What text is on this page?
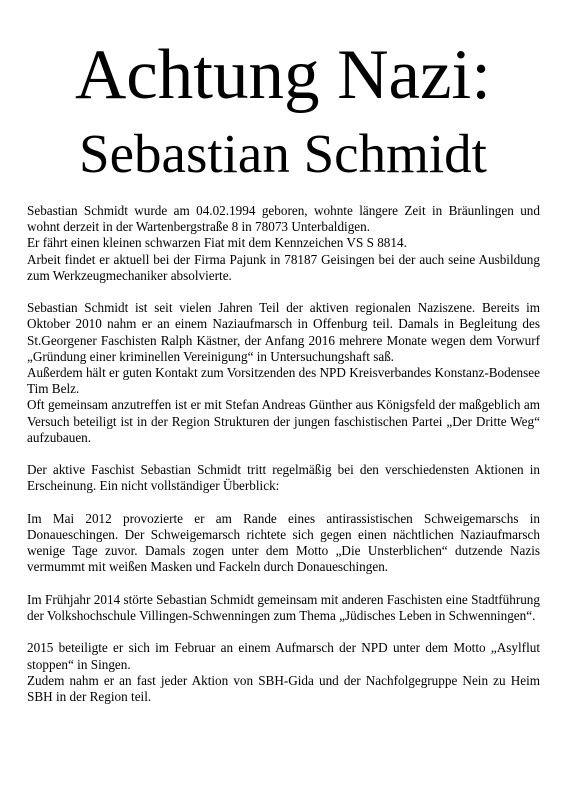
Achtung Nazi:
Sebastian Schmidt

Sebastian Schmidt wurde am 04.02.1994 geboren, wohnte längere Zeit in Bräunlingen und wohnt derzeit in der Wartenbergstraße 8 in 78073 Unterbaldigen.

Er fährt einen kleinen schwarzen Fiat mit dem Kennzeichen VS S 8814.

Arbeit findet er aktuell bei der Firma Pajunk in 78187 Geisingen bei der auch seine Ausbildung zum Werkzeugmechaniker absolvierte.

Sebastian Schmidt ist seit vielen Jahren Teil der aktiven regionalen Naziszene. Bereits im Oktober 2010 nahm er an einem Naziaufmarsch in Offenburg teil. Damals in Begleitung des St.Georgener Faschisten Ralph Kästner, der Anfang 2016 mehrere Monate wegen dem Vorwurf „Gründung einer kriminellen Vereinigung“ in Untersuchungshaft saß.

Außerdem hält er guten Kontakt zum Vorsitzenden des NPD Kreisverbandes Konstanz-Bodensee Tim Belz.

Oft gemeinsam anzutreffen ist er mit Stefan Andreas Günther aus Königsfeld der maßgeblich am Versuch beteiligt ist in der Region Strukturen der jungen faschistischen Partei „Der Dritte Weg“ aufzubauen.

Der aktive Faschist Sebastian Schmidt tritt regelmäßig bei den verschiedensten Aktionen in Erscheinung. Ein nicht vollständiger Überblick:

Im Mai 2012 provozierte er am Rande eines antirassistischen Schweigemarschs in Donaueschingen. Der Schweigemarsch richtete sich gegen einen nächtlichen Naziaufmarsch wenige Tage zuvor. Damals zogen unter dem Motto „Die Unsterblichen“ dutzende Nazis vermummt mit weißen Masken und Fackeln durch Donaueschingen.

Im Frühjahr 2014 störte Sebastian Schmidt gemeinsam mit anderen Faschisten eine Stadtführung der Volkshochschule Villingen-Schwenningen zum Thema „Jüdisches Leben in Schwenningen“.

2015 beteiligte er sich im Februar an einem Aufmarsch der NPD unter dem Motto „Asylflut stoppen“ in Singen.

Zudem nahm er an fast jeder Aktion von SBH-Gida und der Nachfolgegruppe Nein zu Heim SBH in der Region teil.
